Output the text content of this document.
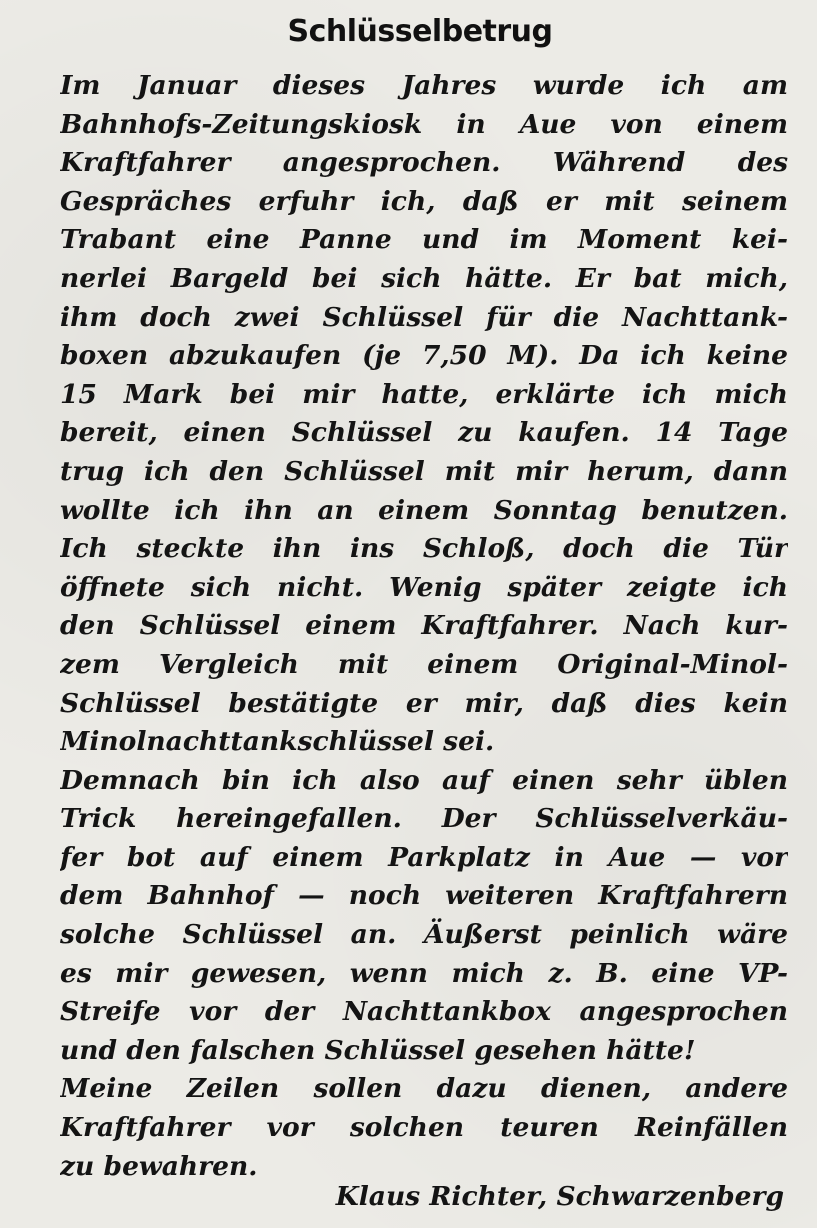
Schlüsselbetrug
Im Januar dieses Jahres wurde ich am
Bahnhofs-Zeitungskiosk in Aue von einem
Kraftfahrer angesprochen. Während des
Gespräches erfuhr ich, daß er mit seinem
Trabant eine Panne und im Moment kei-
nerlei Bargeld bei sich hätte. Er bat mich,
ihm doch zwei Schlüssel für die Nachttank-
boxen abzukaufen (je 7,50 M). Da ich keine
15 Mark bei mir hatte, erklärte ich mich
bereit, einen Schlüssel zu kaufen. 14 Tage
trug ich den Schlüssel mit mir herum, dann
wollte ich ihn an einem Sonntag benutzen.
Ich steckte ihn ins Schloß, doch die Tür
öffnete sich nicht. Wenig später zeigte ich
den Schlüssel einem Kraftfahrer. Nach kur-
zem Vergleich mit einem Original-Minol-
Schlüssel bestätigte er mir, daß dies kein
Minolnachttankschlüssel sei.
Demnach bin ich also auf einen sehr üblen
Trick hereingefallen. Der Schlüsselverkäu-
fer bot auf einem Parkplatz in Aue — vor
dem Bahnhof — noch weiteren Kraftfahrern
solche Schlüssel an. Äußerst peinlich wäre
es mir gewesen, wenn mich z. B. eine VP-
Streife vor der Nachttankbox angesprochen
und den falschen Schlüssel gesehen hätte!
Meine Zeilen sollen dazu dienen, andere
Kraftfahrer vor solchen teuren Reinfällen
zu bewahren.
Klaus Richter, Schwarzenberg
